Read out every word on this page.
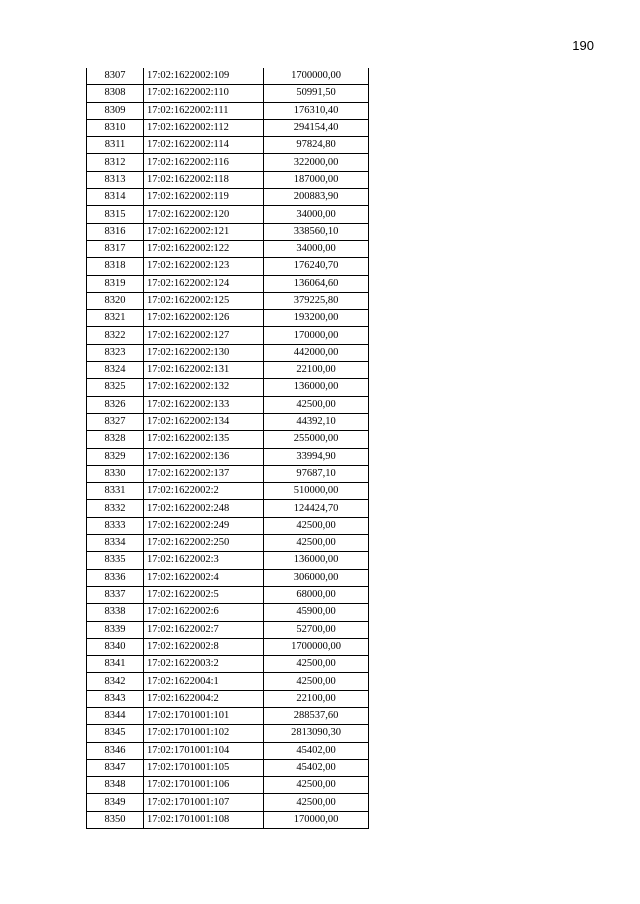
190
8307	17:02:1622002:109	1700000,00
8308	17:02:1622002:110	50991,50
8309	17:02:1622002:111	176310,40
8310	17:02:1622002:112	294154,40
8311	17:02:1622002:114	97824,80
8312	17:02:1622002:116	322000,00
8313	17:02:1622002:118	187000,00
8314	17:02:1622002:119	200883,90
8315	17:02:1622002:120	34000,00
8316	17:02:1622002:121	338560,10
8317	17:02:1622002:122	34000,00
8318	17:02:1622002:123	176240,70
8319	17:02:1622002:124	136064,60
8320	17:02:1622002:125	379225,80
8321	17:02:1622002:126	193200,00
8322	17:02:1622002:127	170000,00
8323	17:02:1622002:130	442000,00
8324	17:02:1622002:131	22100,00
8325	17:02:1622002:132	136000,00
8326	17:02:1622002:133	42500,00
8327	17:02:1622002:134	44392,10
8328	17:02:1622002:135	255000,00
8329	17:02:1622002:136	33994,90
8330	17:02:1622002:137	97687,10
8331	17:02:1622002:2	510000,00
8332	17:02:1622002:248	124424,70
8333	17:02:1622002:249	42500,00
8334	17:02:1622002:250	42500,00
8335	17:02:1622002:3	136000,00
8336	17:02:1622002:4	306000,00
8337	17:02:1622002:5	68000,00
8338	17:02:1622002:6	45900,00
8339	17:02:1622002:7	52700,00
8340	17:02:1622002:8	1700000,00
8341	17:02:1622003:2	42500,00
8342	17:02:1622004:1	42500,00
8343	17:02:1622004:2	22100,00
8344	17:02:1701001:101	288537,60
8345	17:02:1701001:102	2813090,30
8346	17:02:1701001:104	45402,00
8347	17:02:1701001:105	45402,00
8348	17:02:1701001:106	42500,00
8349	17:02:1701001:107	42500,00
8350	17:02:1701001:108	170000,00
